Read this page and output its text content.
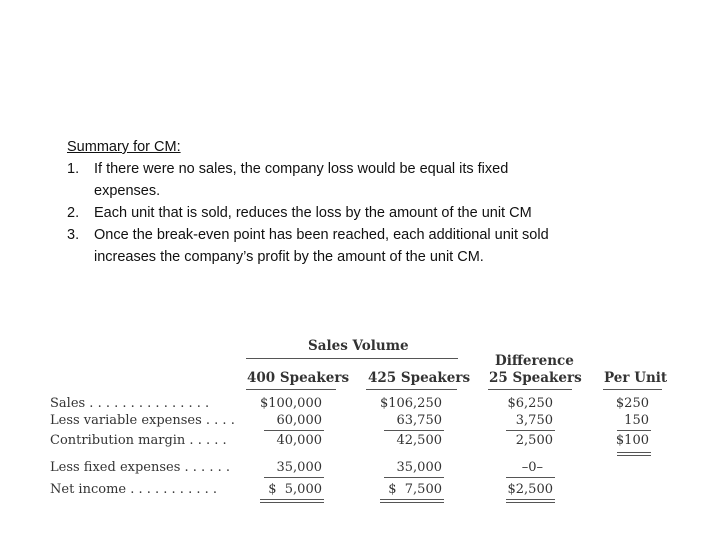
Summary for CM:
1. If there were no sales, the company loss would be equal its fixed expenses.
2. Each unit that is sold, reduces the loss by the amount of the unit CM
3. Once the break-even point has been reached, each additional unit sold increases the company’s profit by the amount of the unit CM.
Sales Volume
Difference
400 Speakers 425 Speakers 25 Speakers Per Unit
Sales . . . . . . . . . . . . . . .	$100,000	$106,250	$6,250	$250
Less variable expenses . . . .	60,000	63,750	3,750	150
Contribution margin . . . . .	40,000	42,500	2,500	$100
Less fixed expenses . . . . . .	35,000	35,000	–0–
Net income . . . . . . . . . . .	$  5,000	$  7,500	$2,500
